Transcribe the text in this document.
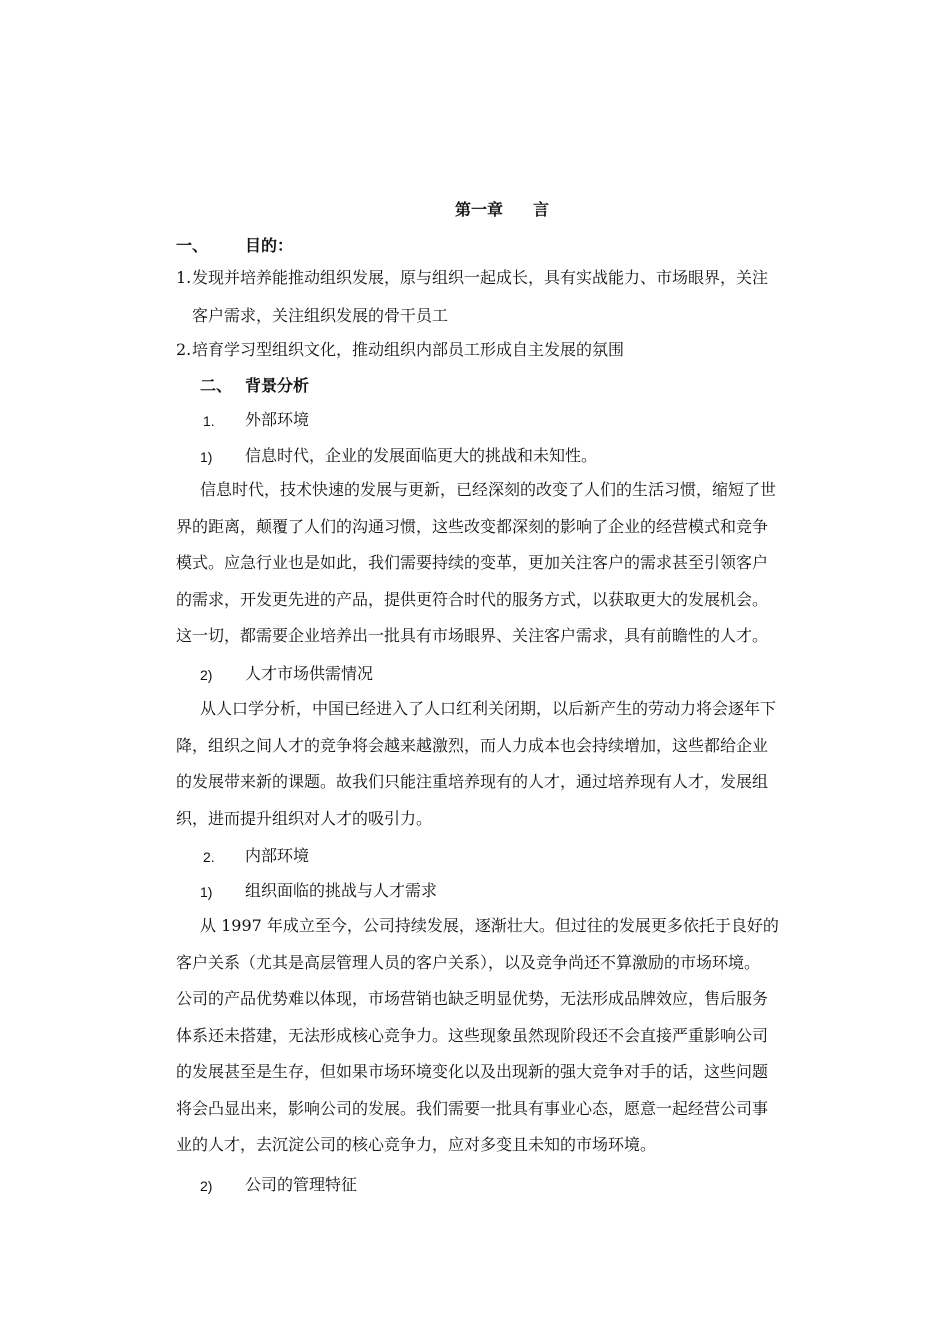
第一章 言
一、 目的：
1. 发现并培养能推动组织发展，原与组织一起成长，具有实战能力、市场眼界，关注
客户需求，关注组织发展的骨干员工
2. 培育学习型组织文化，推动组织内部员工形成自主发展的氛围
二、 背景分析
1. 外部环境
1) 信息时代，企业的发展面临更大的挑战和未知性。
信息时代，技术快速的发展与更新，已经深刻的改变了人们的生活习惯，缩短了世
界的距离，颠覆了人们的沟通习惯，这些改变都深刻的影响了企业的经营模式和竞争
模式。应急行业也是如此，我们需要持续的变革，更加关注客户的需求甚至引领客户
的需求，开发更先进的产品，提供更符合时代的服务方式，以获取更大的发展机会。
这一切，都需要企业培养出一批具有市场眼界、关注客户需求，具有前瞻性的人才。
2) 人才市场供需情况
从人口学分析，中国已经进入了人口红利关闭期，以后新产生的劳动力将会逐年下
降，组织之间人才的竞争将会越来越激烈，而人力成本也会持续增加，这些都给企业
的发展带来新的课题。故我们只能注重培养现有的人才，通过培养现有人才，发展组
织，进而提升组织对人才的吸引力。
2. 内部环境
1) 组织面临的挑战与人才需求
从 1997 年成立至今，公司持续发展，逐渐壮大。但过往的发展更多依托于良好的
客户关系（尤其是高层管理人员的客户关系），以及竞争尚还不算激励的市场环境。
公司的产品优势难以体现，市场营销也缺乏明显优势，无法形成品牌效应，售后服务
体系还未搭建，无法形成核心竞争力。这些现象虽然现阶段还不会直接严重影响公司
的发展甚至是生存，但如果市场环境变化以及出现新的强大竞争对手的话，这些问题
将会凸显出来，影响公司的发展。我们需要一批具有事业心态，愿意一起经营公司事
业的人才，去沉淀公司的核心竞争力，应对多变且未知的市场环境。
2) 公司的管理特征
